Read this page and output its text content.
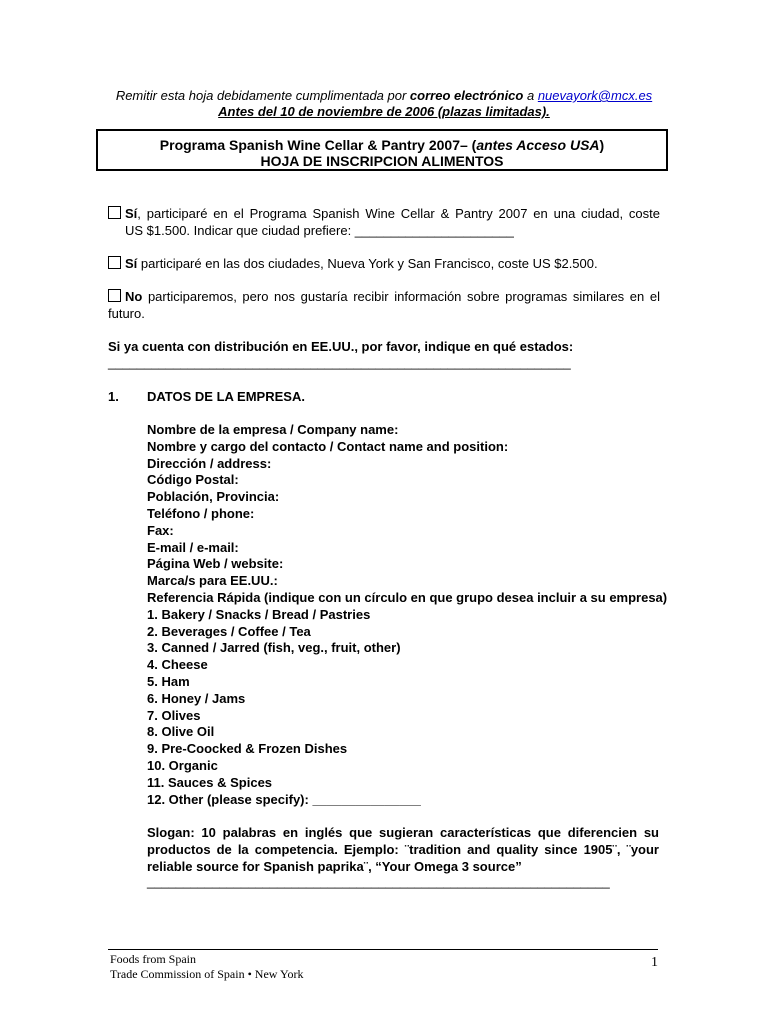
Remitir esta hoja debidamente cumplimentada por correo electrónico a nuevayork@mcx.es
Antes del 10 de noviembre de 2006 (plazas limitadas).
Programa Spanish Wine Cellar & Pantry 2007– (antes Acceso USA)
HOJA DE INSCRIPCION ALIMENTOS
Sí, participaré en el Programa Spanish Wine Cellar & Pantry 2007 en una ciudad, coste
US $1.500. Indicar que ciudad prefiere: ______________________
Sí participaré en las dos ciudades, Nueva York y San Francisco, coste US $2.500.
No participaremos, pero nos gustaría recibir información sobre programas similares en el
futuro.
Si ya cuenta con distribución en EE.UU., por favor, indique en qué estados:
________________________________________________________________
1. DATOS DE LA EMPRESA.
Nombre de la empresa / Company name:
Nombre y cargo del contacto / Contact name and position:
Dirección / address:
Código Postal:
Población, Provincia:
Teléfono / phone:
Fax:
E-mail / e-mail:
Página Web / website:
Marca/s para EE.UU.:
Referencia Rápida (indique con un círculo en que grupo desea incluir a su empresa)
1. Bakery / Snacks / Bread / Pastries
2. Beverages / Coffee / Tea
3. Canned / Jarred (fish, veg., fruit, other)
4. Cheese
5. Ham
6. Honey / Jams
7. Olives
8. Olive Oil
9. Pre-Coocked & Frozen Dishes
10. Organic
11. Sauces & Spices
12. Other (please specify): _______________
Slogan: 10 palabras en inglés que sugieran características que diferencien su productos de la competencia. Ejemplo: ¨tradition and quality since 1905¨, ¨your reliable source for Spanish paprika¨, “Your Omega 3 source”
________________________________________________________________
Foods from Spain
Trade Commission of Spain • New York
1
